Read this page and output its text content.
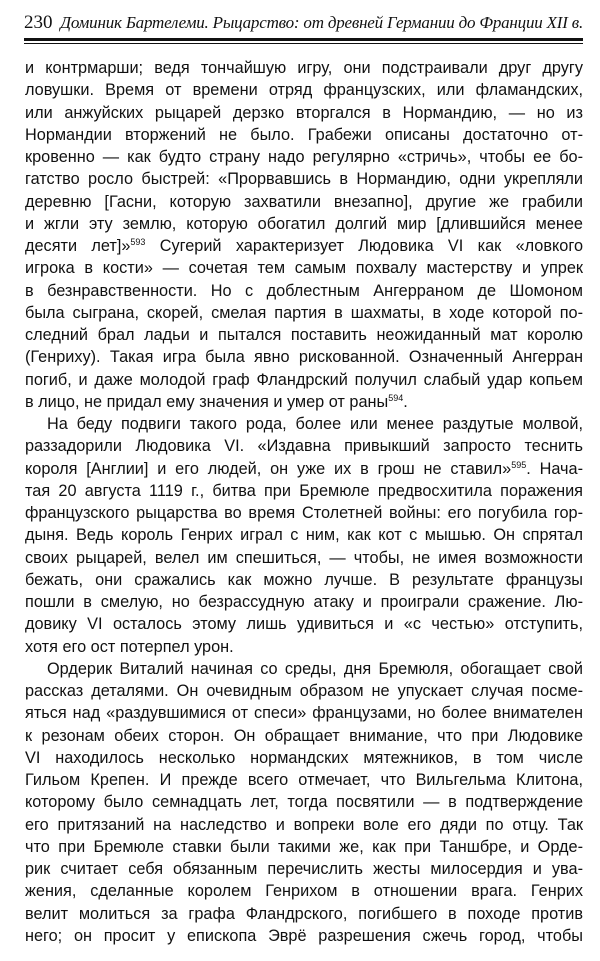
230 Доминик Бартелеми. Рыцарство: от древней Германии до Франции XII в.
и контрмарши; ведя тончайшую игру, они подстраивали друг другу
ловушки. Время от времени отряд французских, или фламандских,
или анжуйских рыцарей дерзко вторгался в Нормандию, — но из
Нормандии вторжений не было. Грабежи описаны достаточно от-
кровенно — как будто страну надо регулярно «стричь», чтобы ее бо-
гатство росло быстрей: «Прорвавшись в Нормандию, одни укрепляли
деревню [Гасни, которую захватили внезапно], другие же грабили
и жгли эту землю, которую обогатил долгий мир [длившийся менее
десяти лет]»$^{593}$ Сугерий характеризует Людовика VI как «ловкого
игрока в кости» — сочетая тем самым похвалу мастерству и упрек
в безнравственности. Но с доблестным Ангерраном де Шомоном
была сыграна, скорей, смелая партия в шахматы, в ходе которой по-
следний брал ладьи и пытался поставить неожиданный мат королю
(Генриху). Такая игра была явно рискованной. Означенный Ангерран
погиб, и даже молодой граф Фландрский получил слабый удар копьем
в лицо, не придал ему значения и умер от раны$^{594}$.
На беду подвиги такого рода, более или менее раздутые молвой,
раззадорили Людовика VI. «Издавна привыкший запросто теснить
короля [Англии] и его людей, он уже их в грош не ставил»$^{595}$. Нача-
тая 20 августа 1119 г., битва при Бремюле предвосхитила поражения
французского рыцарства во время Столетней войны: его погубила гор-
дыня. Ведь король Генрих играл с ним, как кот с мышью. Он спрятал
своих рыцарей, велел им спешиться, — чтобы, не имея возможности
бежать, они сражались как можно лучше. В результате французы
пошли в смелую, но безрассудную атаку и проиграли сражение. Лю-
довику VI осталось этому лишь удивиться и «с честью» отступить,
хотя его ост потерпел урон.
Ордерик Виталий начиная со среды, дня Бремюля, обогащает свой
рассказ деталями. Он очевидным образом не упускает случая посме-
яться над «раздувшимися от спеси» французами, но более внимателен
к резонам обеих сторон. Он обращает внимание, что при Людовике
VI находилось несколько нормандских мятежников, в том числе
Гильом Крепен. И прежде всего отмечает, что Вильгельма Клитона,
которому было семнадцать лет, тогда посвятили — в подтверждение
его притязаний на наследство и вопреки воле его дяди по отцу. Так
что при Бремюле ставки были такими же, как при Таншбре, и Орде-
рик считает себя обязанным перечислить жесты милосердия и ува-
жения, сделанные королем Генрихом в отношении врага. Генрих
велит молиться за графа Фландрского, погибшего в походе против
него; он просит у епископа Эврё разрешения сжечь город, чтобы
